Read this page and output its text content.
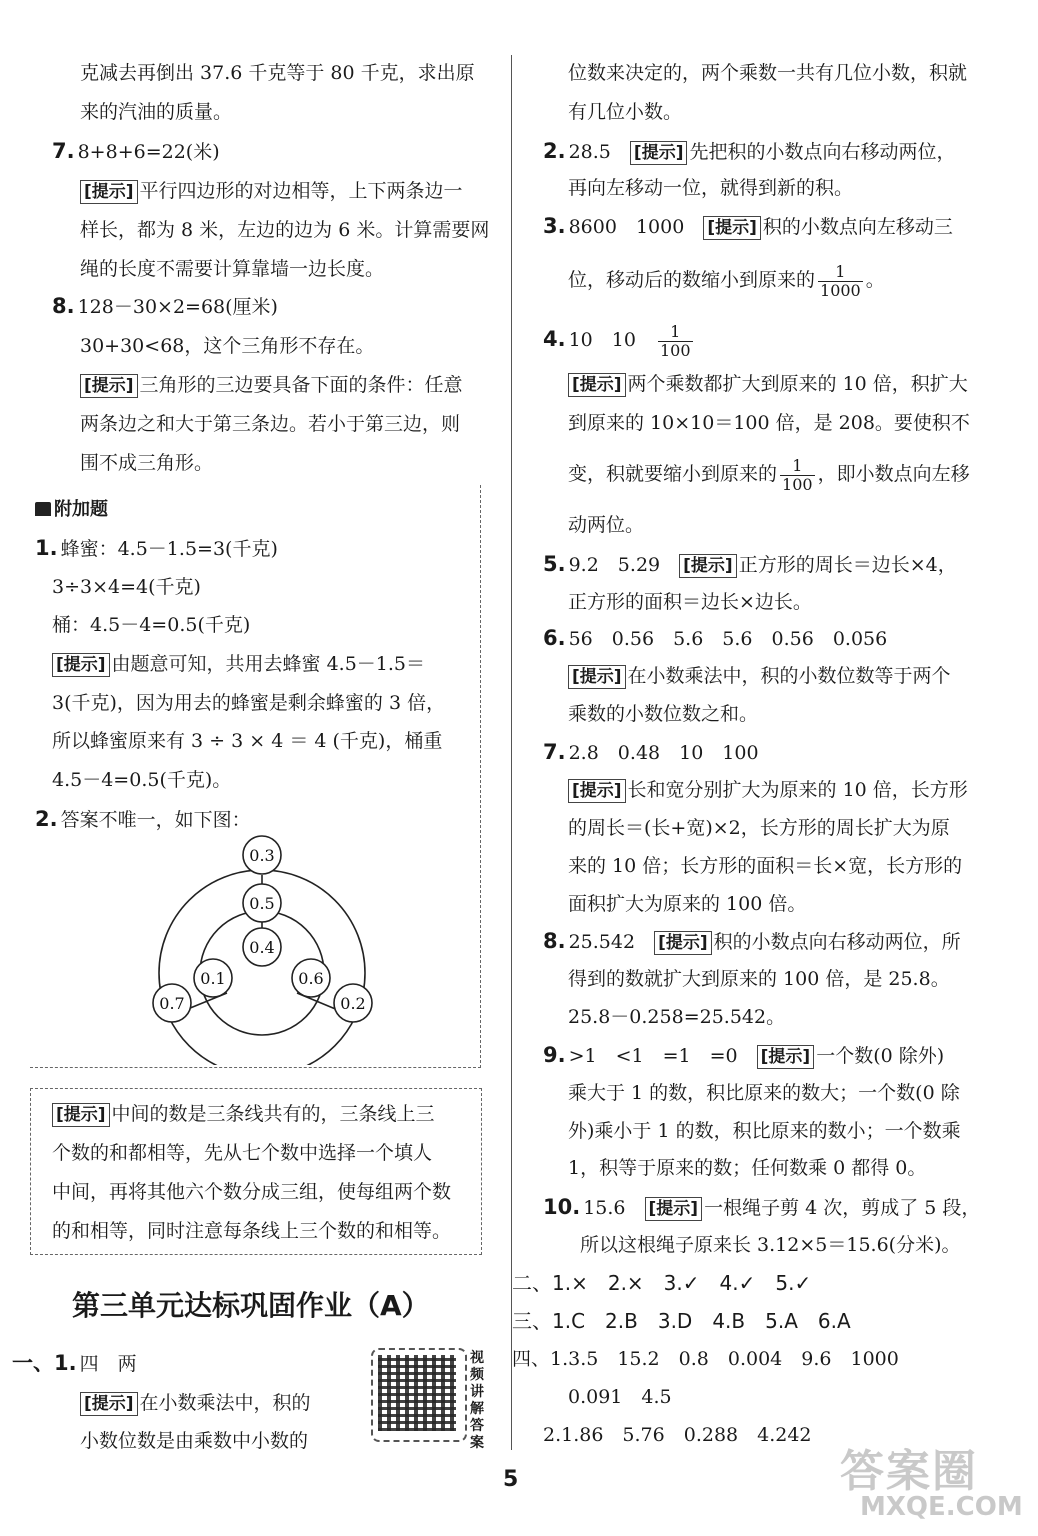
克减去再倒出 37.6 千克等于 80 千克，求出原
来的汽油的质量。
7. 8+8+6=22(米)
[提示] 平行四边形的对边相等，上下两条边一
样长，都为 8 米，左边的边为 6 米。计算需要网
绳的长度不需要计算靠墙一边长度。
8. 128－30×2=68(厘米)
30+30<68，这个三角形不存在。
[提示] 三角形的三边要具备下面的条件：任意
两条边之和大于第三条边。若小于第三边，则
围不成三角形。
附加题
1. 蜂蜜：4.5－1.5=3(千克)
3÷3×4=4(千克)
桶：4.5－4=0.5(千克)
[提示] 由题意可知，共用去蜂蜜 4.5－1.5＝
3(千克)，因为用去的蜂蜜是剩余蜂蜜的 3 倍，
所以蜂蜜原来有 3 ÷ 3 × 4 ＝ 4 (千克)，桶重
4.5－4=0.5(千克)。
2. 答案不唯一，如下图：
0.3
0.5
0.4
0.1	0.6
0.7	0.2
[提示] 中间的数是三条线共有的，三条线上三
个数的和都相等，先从七个数中选择一个填人
中间，再将其他六个数分成三组，使每组两个数
的和相等，同时注意每条线上三个数的和相等。
第三单元达标巩固作业（A）
一、1. 四　两
[提示] 在小数乘法中，积的
小数位数是由乘数中小数的
视频讲解答案
位数来决定的，两个乘数一共有几位小数，积就
有几位小数。
2. 28.5　 [提示] 先把积的小数点向右移动两位，
再向左移动一位，就得到新的积。
3. 8600　1000　 [提示] 积的小数点向左移动三
位，移动后的数缩小到原来的 $\frac{1}{1000}$ 。
4. 10　10　 $\frac{1}{100}$
[提示] 两个乘数都扩大到原来的 10 倍，积扩大
到原来的 10×10＝100 倍，是 208。要使积不
变，积就要缩小到原来的 $\frac{1}{100}$ ，即小数点向左移
动两位。
5. 9.2　5.29　 [提示] 正方形的周长＝边长×4，
正方形的面积＝边长×边长。
6. 56　0.56　5.6　5.6　0.56　0.056
[提示] 在小数乘法中，积的小数位数等于两个
乘数的小数位数之和。
7. 2.8　0.48　10　100
[提示] 长和宽分别扩大为原来的 10 倍，长方形
的周长＝(长+宽)×2，长方形的周长扩大为原
来的 10 倍；长方形的面积＝长×宽，长方形的
面积扩大为原来的 100 倍。
8. 25.542　 [提示] 积的小数点向右移动两位，所
得到的数就扩大到原来的 100 倍，是 25.8。
25.8－0.258=25.542。
9. >1　<1　=1　=0　 [提示] 一个数(0 除外)
乘大于 1 的数，积比原来的数大；一个数(0 除
外)乘小于 1 的数，积比原来的数小；一个数乘
1，积等于原来的数；任何数乘 0 都得 0。
10. 15.6　 [提示] 一根绳子剪 4 次，剪成了 5 段，
所以这根绳子原来长 3.12×5＝15.6(分米)。
二、1.×　2.×　3.✓　4.✓　5.✓
三、1.C　2.B　3.D　4.B　5.A　6.A
四、1.3.5　15.2　0.8　0.004　9.6　1000
0.091　4.5
2.1.86　5.76　0.288　4.242
5	答案圈
MXQE.COM
